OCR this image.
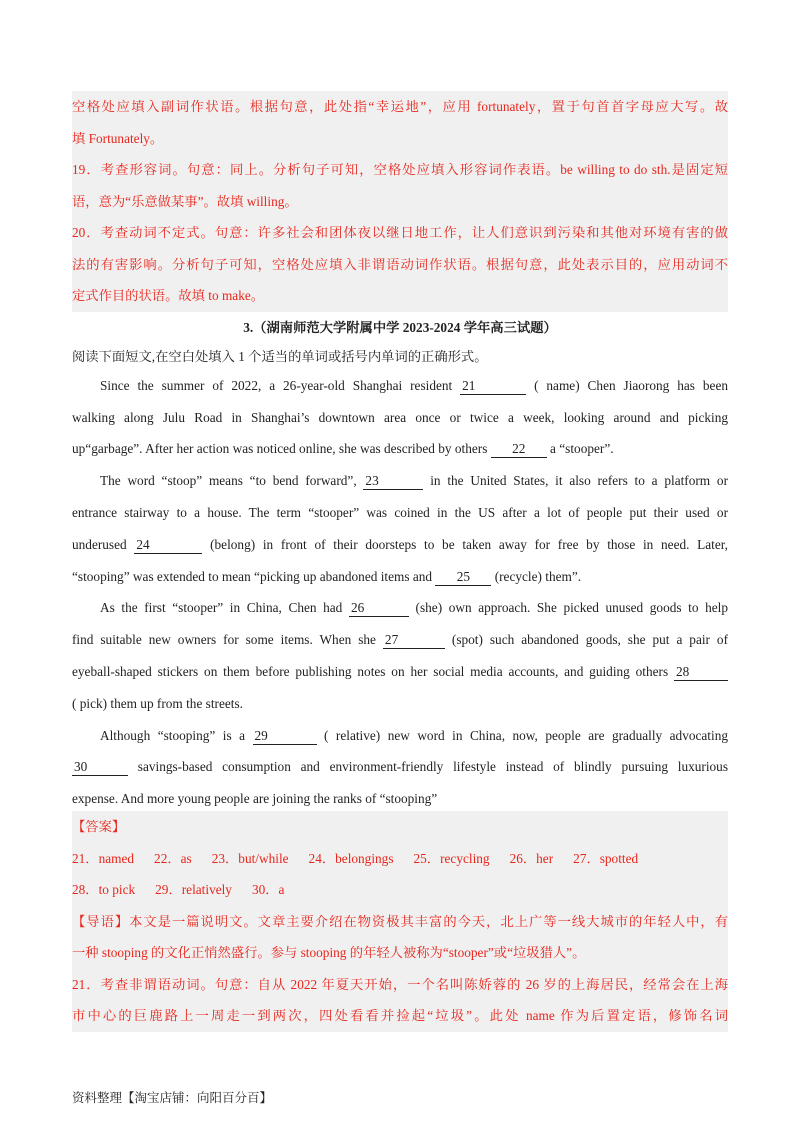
空格处应填入副词作状语。根据句意，此处指“幸运地”，应用 fortunately，置于句首首字母应大写。故
填 Fortunately。
19．考查形容词。句意：同上。分析句子可知，空格处应填入形容词作表语。be willing to do sth.是固定短
语，意为“乐意做某事”。故填 willing。
20．考查动词不定式。句意：许多社会和团体夜以继日地工作，让人们意识到污染和其他对环境有害的做
法的有害影响。分析句子可知，空格处应填入非谓语动词作状语。根据句意，此处表示目的，应用动词不
定式作目的状语。故填 to make。
3.（湖南师范大学附属中学 2023-2024 学年高三试题）
阅读下面短文,在空白处填入 1 个适当的单词或括号内单词的正确形式。
Since the summer of 2022, a 26-year-old Shanghai resident 21	( name) Chen Jiaorong has been
walking along Julu Road in Shanghai’s downtown area once or twice a week, looking around and picking
up“garbage”. After her action was noticed online, she was described by others 22 a “stooper”.
The word “stoop” means “to bend forward”, 23	in the United States, it also refers to a platform or
entrance stairway to a house. The term “stooper” was coined in the US after a lot of people put their used or
underused 24	(belong) in front of their doorsteps to be taken away for free by those in need. Later,
“stooping” was extended to mean “picking up abandoned items and 25 (recycle) them”.
As the first “stooper” in China, Chen had 26	(she) own approach. She picked unused goods to help
find suitable new owners for some items. When she 27	(spot) such abandoned goods, she put a pair of
eyeball-shaped stickers on them before publishing notes on her social media accounts, and guiding others 28
( pick) them up from the streets.
Although “stooping” is a 29	( relative) new word in China, now, people are gradually advocating
30	savings-based consumption and environment-friendly lifestyle instead of blindly pursuing luxurious
expense. And more young people are joining the ranks of “stooping”
【答案】
21．named 22．as 23．but/while 24．belongings 25．recycling 26．her 27．spotted
28．to pick 29．relatively 30．a
【导语】本文是一篇说明文。文章主要介绍在物资极其丰富的今天，北上广等一线大城市的年轻人中，有
一种 stooping 的文化正悄然盛行。参与 stooping 的年轻人被称为“stooper”或“垃圾猎人”。
21．考查非谓语动词。句意：自从 2022 年夏天开始，一个名叫陈娇蓉的 26 岁的上海居民，经常会在上海
市中心的巨鹿路上一周走一到两次，四处看看并捡起“垃圾”。此处 name 作为后置定语，修饰名词
资料整理【淘宝店铺：向阳百分百】
